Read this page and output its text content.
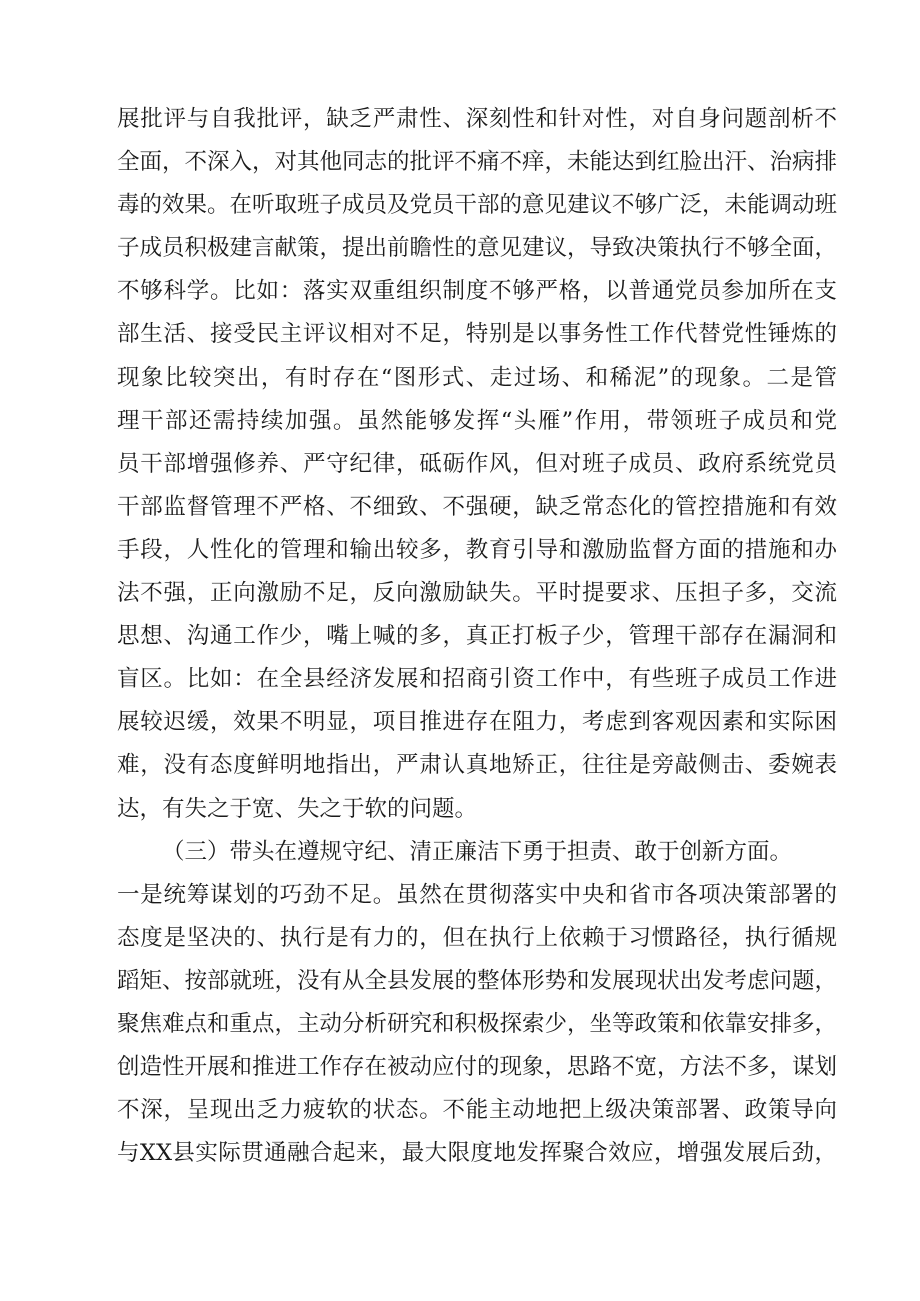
展批评与自我批评，缺乏严肃性、深刻性和针对性，对自身问题剖析不
全面，不深入，对其他同志的批评不痛不痒，未能达到红脸出汗、治病排
毒的效果。在听取班子成员及党员干部的意见建议不够广泛，未能调动班
子成员积极建言献策，提出前瞻性的意见建议，导致决策执行不够全面，
不够科学。比如：落实双重组织制度不够严格，以普通党员参加所在支
部生活、接受民主评议相对不足，特别是以事务性工作代替党性锤炼的
现象比较突出，有时存在“图形式、走过场、和稀泥”的现象。二是管
理干部还需持续加强。虽然能够发挥“头雁”作用，带领班子成员和党
员干部增强修养、严守纪律，砥砺作风，但对班子成员、政府系统党员
干部监督管理不严格、不细致、不强硬，缺乏常态化的管控措施和有效
手段，人性化的管理和输出较多，教育引导和激励监督方面的措施和办
法不强，正向激励不足，反向激励缺失。平时提要求、压担子多，交流
思想、沟通工作少，嘴上喊的多，真正打板子少，管理干部存在漏洞和
盲区。比如：在全县经济发展和招商引资工作中，有些班子成员工作进
展较迟缓，效果不明显，项目推进存在阻力，考虑到客观因素和实际困
难，没有态度鲜明地指出，严肃认真地矫正，往往是旁敲侧击、委婉表
达，有失之于宽、失之于软的问题。
（三）带头在遵规守纪、清正廉洁下勇于担责、敢于创新方面。
一是统筹谋划的巧劲不足。虽然在贯彻落实中央和省市各项决策部署的
态度是坚决的、执行是有力的，但在执行上依赖于习惯路径，执行循规
蹈矩、按部就班，没有从全县发展的整体形势和发展现状出发考虑问题，
聚焦难点和重点，主动分析研究和积极探索少，坐等政策和依靠安排多，
创造性开展和推进工作存在被动应付的现象，思路不宽，方法不多，谋划
不深，呈现出乏力疲软的状态。不能主动地把上级决策部署、政策导向
与XX县实际贯通融合起来，最大限度地发挥聚合效应，增强发展后劲，
